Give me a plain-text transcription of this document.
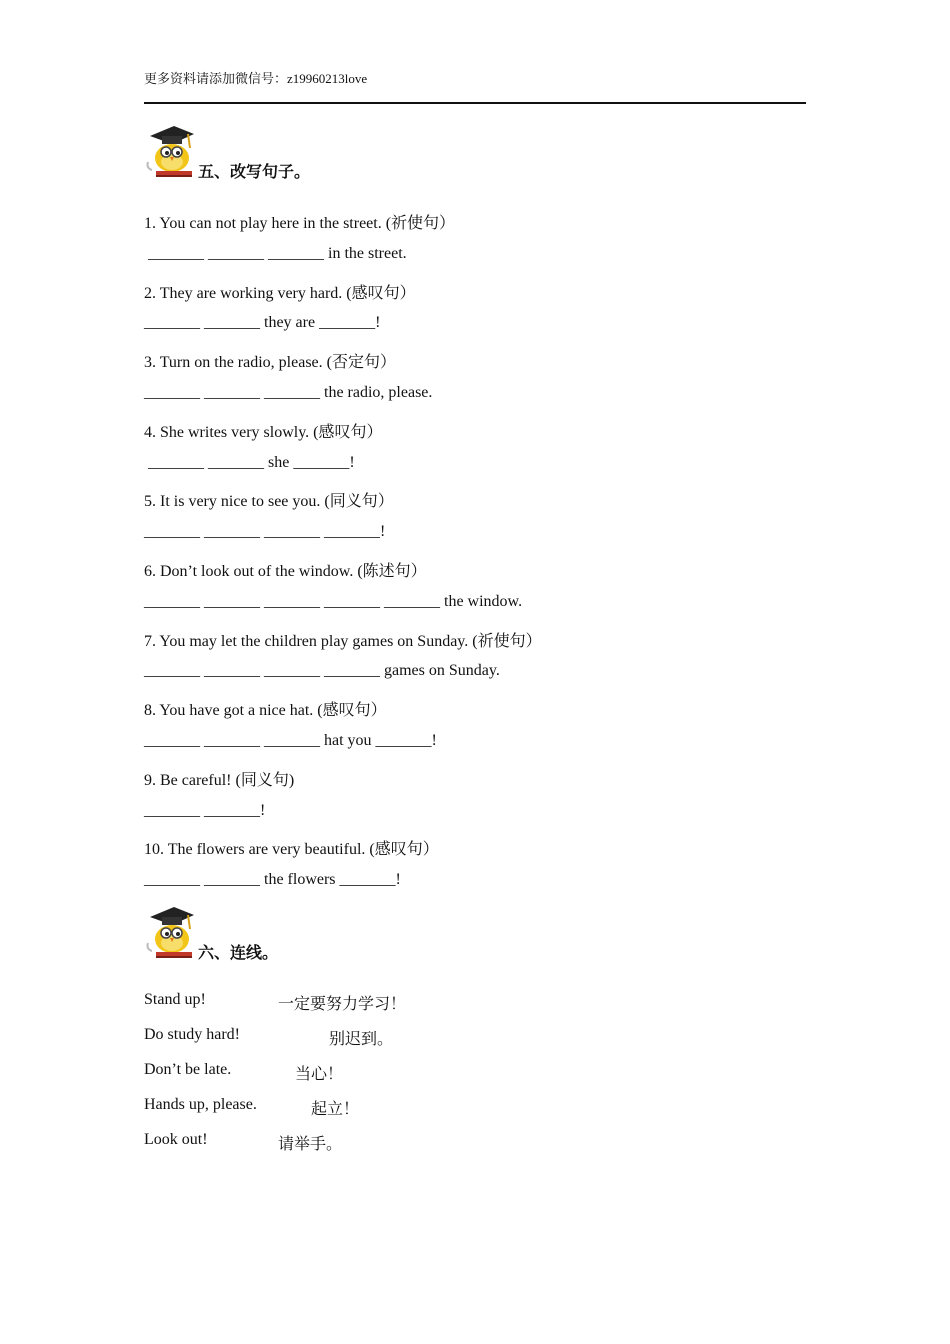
更多资料请添加微信号：z19960213love
五、改写句子。
1. You can not play here in the street. (祈使句）
_______ _______ _______ in the street.
2. They are working very hard. (感叹句）
_______ _______ they are _______!
3. Turn on the radio, please. (否定句）
_______ _______ _______ the radio, please.
4. She writes very slowly. (感叹句）
_______ _______ she _______!
5. It is very nice to see you. (同义句）
_______ _______ _______ _______!
6. Don’t look out of the window. (陈述句）
_______ _______ _______ _______ _______ the window.
7. You may let the children play games on Sunday. (祈使句）
_______ _______ _______ _______ games on Sunday.
8. You have got a nice hat. (感叹句）
_______ _______ _______ hat you _______!
9. Be careful! (同义句)
_______ _______!
10. The flowers are very beautiful. (感叹句）
_______ _______ the flowers _______!
六、连线。
Stand up!	一定要努力学习！
Do study hard!	别迟到。
Don’t be late.	当心！
Hands up, please.	起立！
Look out!	请举手。
